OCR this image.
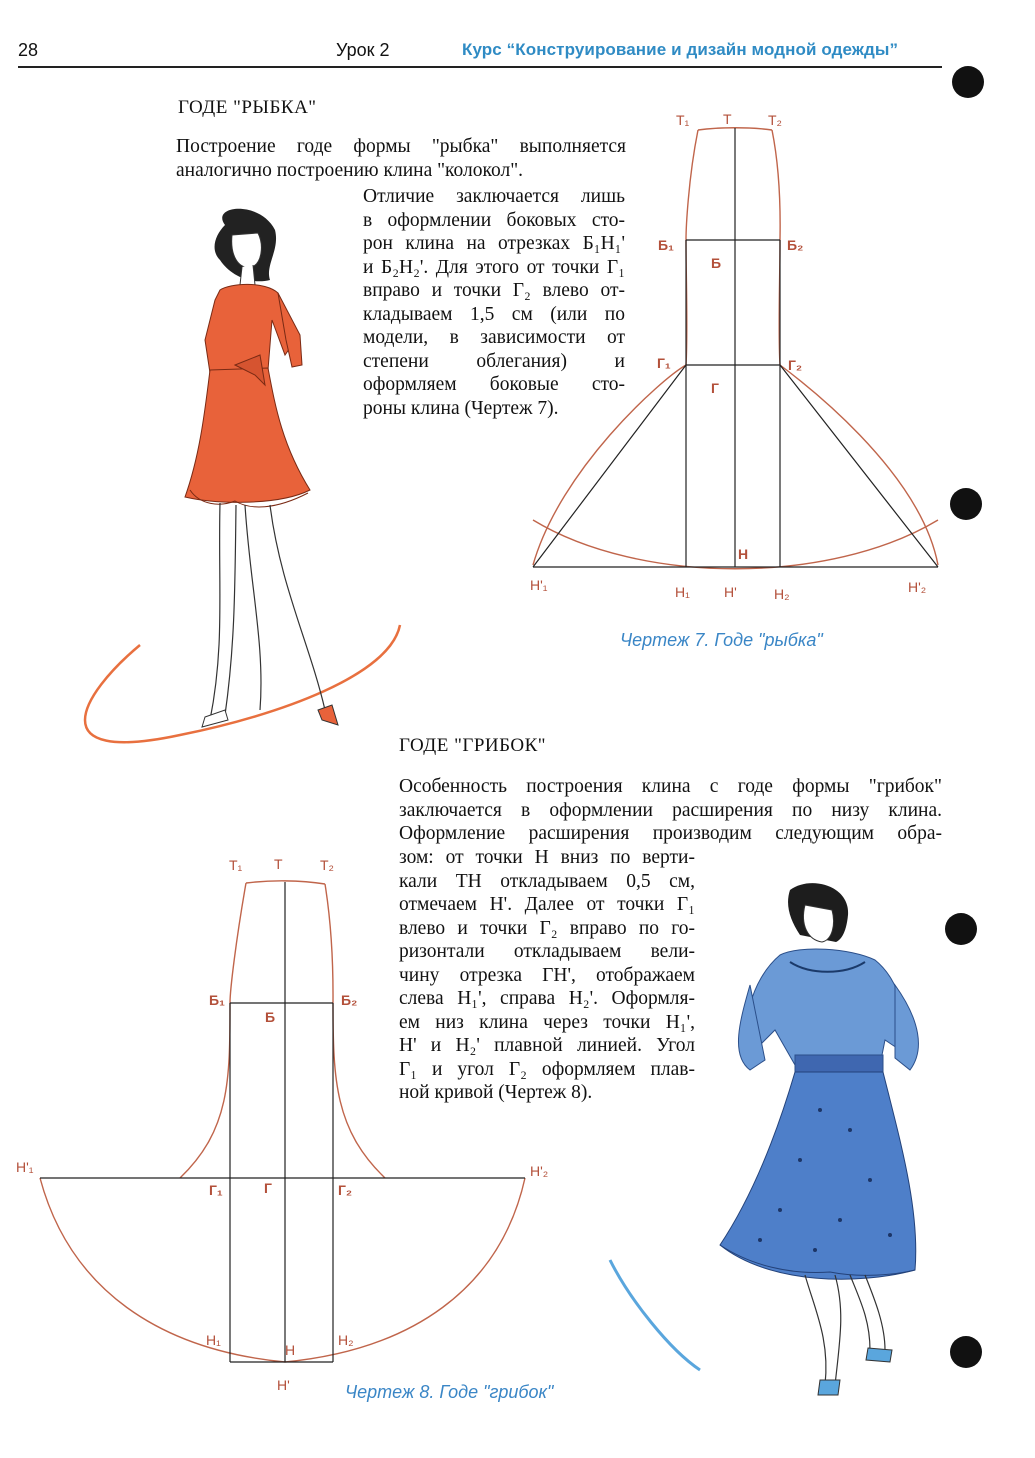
28	Урок 2	Курс “Конструирование и дизайн модной одежды”
ГОДЕ "РЫБКА"
Построение годе формы "рыбка" выполняется
аналогично построению клина "колокол".
Отличие заключается лишь
в оформлении боковых сто-
рон клина на отрезках Б₁Н₁'
и Б₂Н₂'. Для этого от точки Г₁
вправо и точки Г₂ влево от-
кладываем 1,5 см (или по
модели, в зависимости от
степени облегания) и
оформляем боковые сто-
роны клина (Чертеж 7).
Т₁ Т	Т₂
Б₁
Б
Б₂
Г₁
Г
Г₂
Н
Н'₁	Н₁ Н'	Н₂	Н'₂
Чертеж 7. Годе "рыбка"
ГОДЕ "ГРИБОК"
Особенность построения клина с годе формы "грибок"
заключается в оформлении расширения по низу клина.
Оформление расширения производим следующим обра-
зом: от точки Н вниз по верти-
кали ТН откладываем 0,5 см,
отмечаем Н'. Далее от точки Г₁
влево и точки Г₂ вправо по го-
ризонтали откладываем вели-
чину отрезка ГН', отображаем
слева Н₁', справа Н₂'. Оформля-
ем низ клина через точки Н₁',
Н' и Н₂' плавной линией. Угол
Г₁ и угол Г₂ оформляем плав-
ной кривой (Чертеж 8).
Т₁ Т	Т₂
Б₁
Б
Б₂
Н'₁	Н'₂
Г₁	Г	Г₂
Н₁
Н
Н₂
Н'	Чертеж 8. Годе "грибок"
